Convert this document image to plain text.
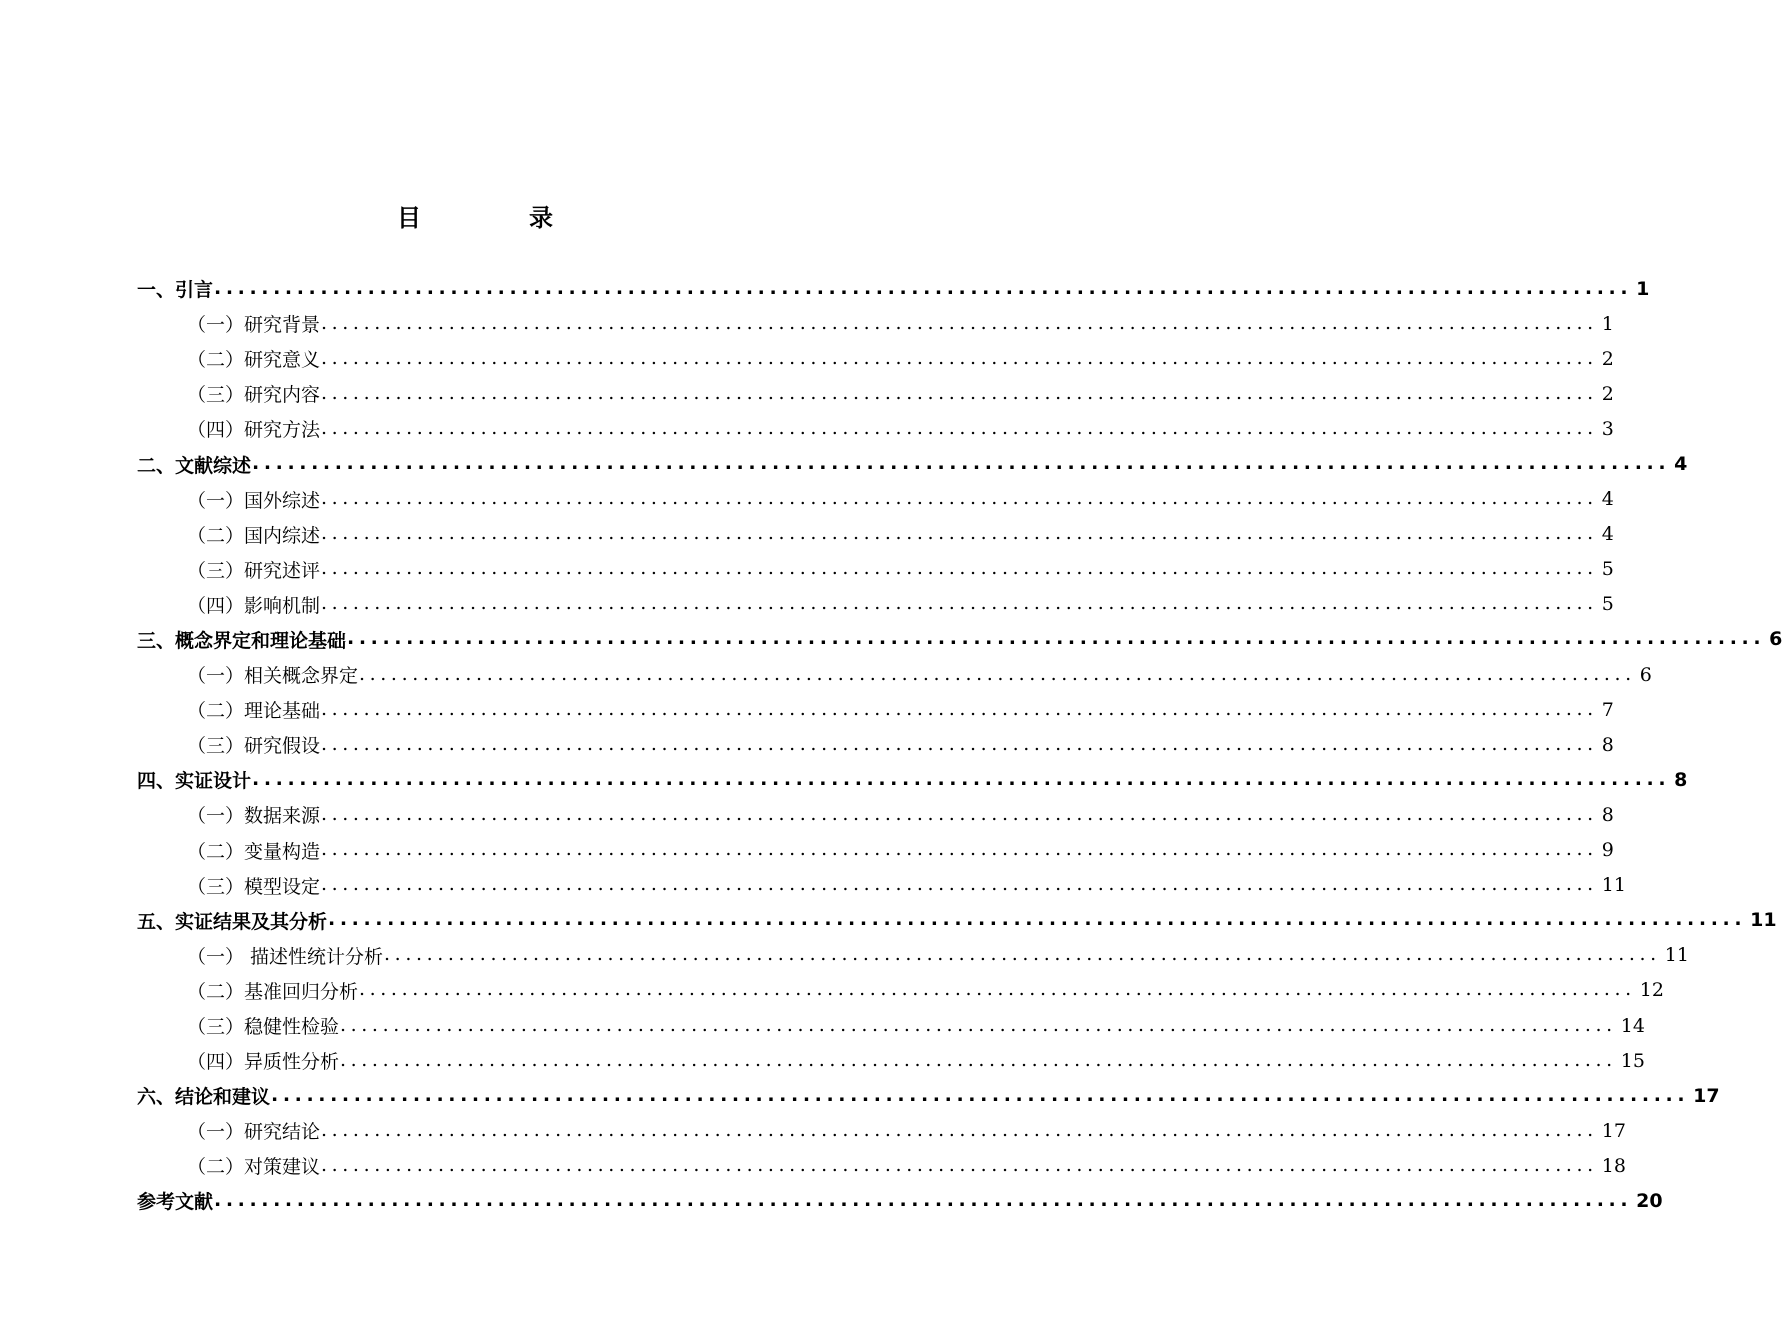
目　录
一、引言 ........................................................................................................................ 1
（一）研究背景 ........................................................................................................................ 1
（二）研究意义 ........................................................................................................................ 2
（三）研究内容 ........................................................................................................................ 2
（四）研究方法 ........................................................................................................................ 3
二、文献综述 ........................................................................................................................ 4
（一）国外综述 ........................................................................................................................ 4
（二）国内综述 ........................................................................................................................ 4
（三）研究述评 ........................................................................................................................ 5
（四）影响机制 ........................................................................................................................ 5
三、概念界定和理论基础 ........................................................................................................................ 6
（一）相关概念界定 ........................................................................................................................ 6
（二）理论基础 ........................................................................................................................ 7
（三）研究假设 ........................................................................................................................ 8
四、实证设计 ........................................................................................................................ 8
（一）数据来源 ........................................................................................................................ 8
（二）变量构造 ........................................................................................................................ 9
（三）模型设定 ........................................................................................................................ 11
五、实证结果及其分析 ........................................................................................................................ 11
（一） 描述性统计分析 ........................................................................................................................ 11
（二）基准回归分析 ........................................................................................................................ 12
（三）稳健性检验 ........................................................................................................................ 14
（四）异质性分析 ........................................................................................................................ 15
六、结论和建议 ........................................................................................................................ 17
（一）研究结论 ........................................................................................................................ 17
（二）对策建议 ........................................................................................................................ 18
参考文献 ........................................................................................................................ 20
